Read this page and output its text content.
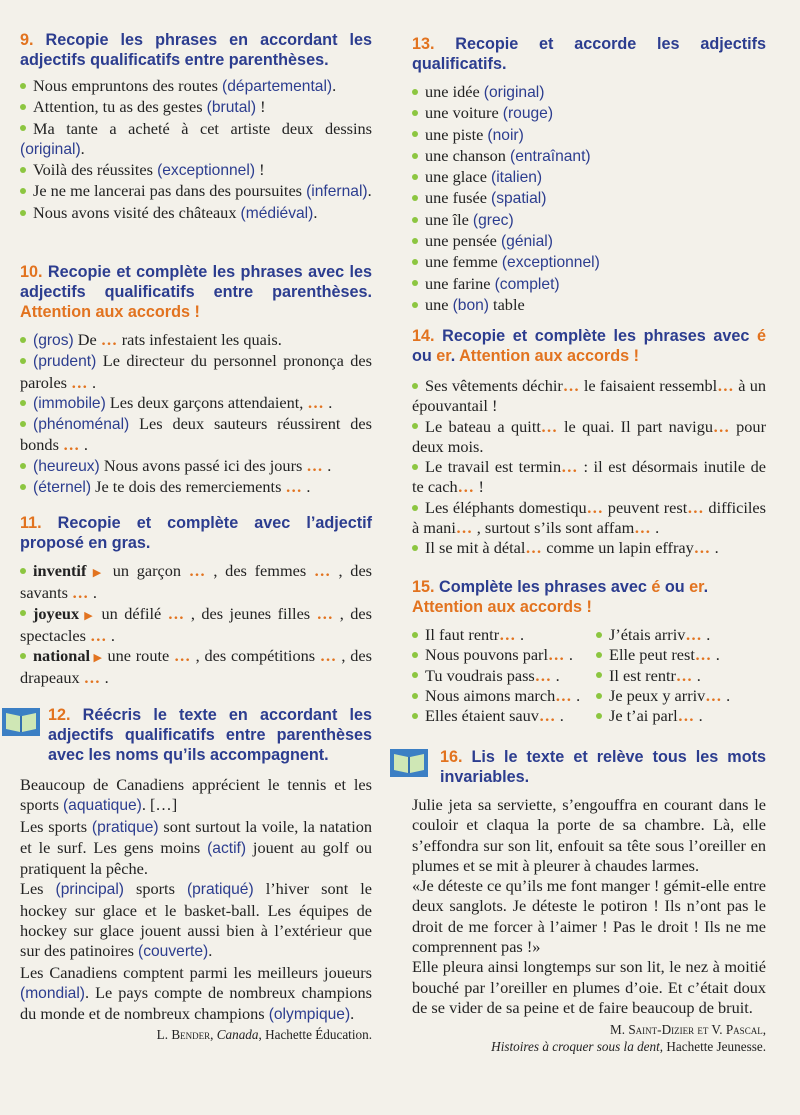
9. Recopie les phrases en accordant les adjectifs qualificatifs entre parenthèses.

Nous empruntons des routes (départemental).

Attention, tu as des gestes (brutal) !

Ma tante a acheté à cet artiste deux dessins (original).

Voilà des réussites (exceptionnel) !

Je ne me lancerai pas dans des poursuites (infernal).

Nous avons visité des châteaux (médiéval).

10. Recopie et complète les phrases avec les adjectifs qualificatifs entre parenthèses. Attention aux accords !

(gros) De … rats infestaient les quais.

(prudent) Le directeur du personnel prononça des paroles … .

(immobile) Les deux garçons attendaient, … .

(phénoménal) Les deux sauteurs réussirent des bonds … .

(heureux) Nous avons passé ici des jours … .

(éternel) Je te dois des remerciements … .

11. Recopie et complète avec l’adjectif proposé en gras.

inventif ▶ un garçon … , des femmes … , des savants … .

joyeux ▶ un défilé … , des jeunes filles … , des spectacles … .

national ▶ une route … , des compétitions … , des drapeaux … .

12. Réécris le texte en accordant les adjectifs qualificatifs entre parenthèses avec les noms qu’ils accompagnent.

Beaucoup de Canadiens apprécient le tennis et les sports (aquatique). […]

Les sports (pratique) sont surtout la voile, la natation et le surf. Les gens moins (actif) jouent au golf ou pratiquent la pêche.

Les (principal) sports (pratiqué) l’hiver sont le hockey sur glace et le basket-ball. Les équipes de hockey sur glace jouent aussi bien à l’extérieur que sur des patinoires (couverte).

Les Canadiens comptent parmi les meilleurs joueurs (mondial). Le pays compte de nombreux champions du monde et de nombreux champions (olympique).

L. Bender, Canada, Hachette Éducation.
13. Recopie et accorde les adjectifs qualificatifs.

une idée (original)

une voiture (rouge)

une piste (noir)

une chanson (entraînant)

une glace (italien)

une fusée (spatial)

une île (grec)

une pensée (génial)

une femme (exceptionnel)

une farine (complet)

une (bon) table

14. Recopie et complète les phrases avec é ou er. Attention aux accords !

Ses vêtements déchir… le faisaient ressembl… à un épouvantail !

Le bateau a quitt… le quai. Il part navigu… pour deux mois.

Le travail est termin… : il est désormais inutile de te cach… !

Les éléphants domestiqu… peuvent rest… difficiles à mani… , surtout s’ils sont affam… .

Il se mit à détal… comme un lapin effray… .

15. Complète les phrases avec é ou er.
Attention aux accords !

Il faut rentr… .

Nous pouvons parl… .

Tu voudrais pass… .

Nous aimons march… .

Elles étaient sauv… .

J’étais arriv… .

Elle peut rest… .

Il est rentr… .

Je peux y arriv… .

Je t’ai parl… .

16. Lis le texte et relève tous les mots invariables.

Julie jeta sa serviette, s’engouffra en courant dans le couloir et claqua la porte de sa chambre. Là, elle s’effondra sur son lit, enfouit sa tête sous l’oreiller en plumes et se mit à pleurer à chaudes larmes.

«Je déteste ce qu’ils me font manger ! gémit-elle entre deux sanglots. Je déteste le potiron ! Ils n’ont pas le droit de me forcer à l’aimer ! Pas le droit ! Ils ne me comprennent pas !»

Elle pleura ainsi longtemps sur son lit, le nez à moitié bouché par l’oreiller en plumes d’oie. Et c’était doux de se vider de sa peine et de faire beaucoup de bruit.

M. Saint-Dizier et V. Pascal,
Histoires à croquer sous la dent, Hachette Jeunesse.
